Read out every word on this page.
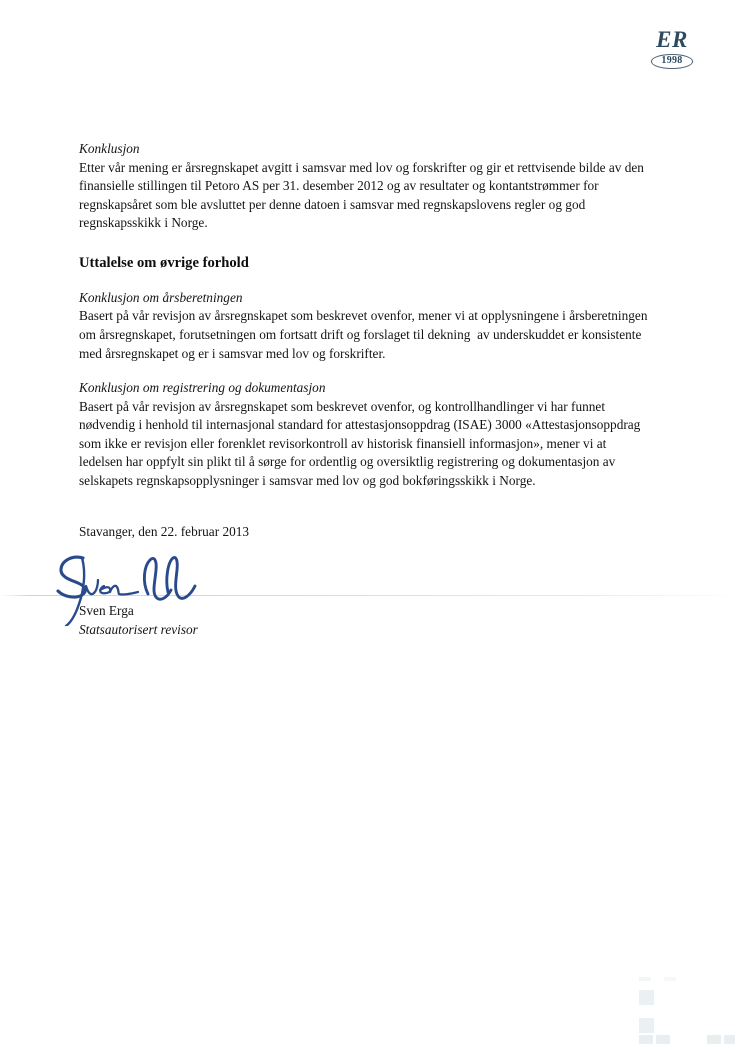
ER
1998

Konklusjon

Etter vår mening er årsregnskapet avgitt i samsvar med lov og forskrifter og gir et rettvisende bilde av den finansielle stillingen til Petoro AS per 31. desember 2012 og av resultater og kontantstrømmer for regnskapsåret som ble avsluttet per denne datoen i samsvar med regnskapslovens regler og god regnskapsskikk i Norge.

Uttalelse om øvrige forhold

Konklusjon om årsberetningen

Basert på vår revisjon av årsregnskapet som beskrevet ovenfor, mener vi at opplysningene i årsberetningen om årsregnskapet, forutsetningen om fortsatt drift og forslaget til dekning  av underskuddet er konsistente med årsregnskapet og er i samsvar med lov og forskrifter.

Konklusjon om registrering og dokumentasjon

Basert på vår revisjon av årsregnskapet som beskrevet ovenfor, og kontrollhandlinger vi har funnet nødvendig i henhold til internasjonal standard for attestasjonsoppdrag (ISAE) 3000 «Attestasjonsoppdrag som ikke er revisjon eller forenklet revisorkontroll av historisk finansiell informasjon», mener vi at ledelsen har oppfylt sin plikt til å sørge for ordentlig og oversiktlig registrering og dokumentasjon av selskapets regnskapsopplysninger i samsvar med lov og god bokføringsskikk i Norge.

Stavanger, den 22. februar 2013
Sven Erga
Statsautorisert revisor
